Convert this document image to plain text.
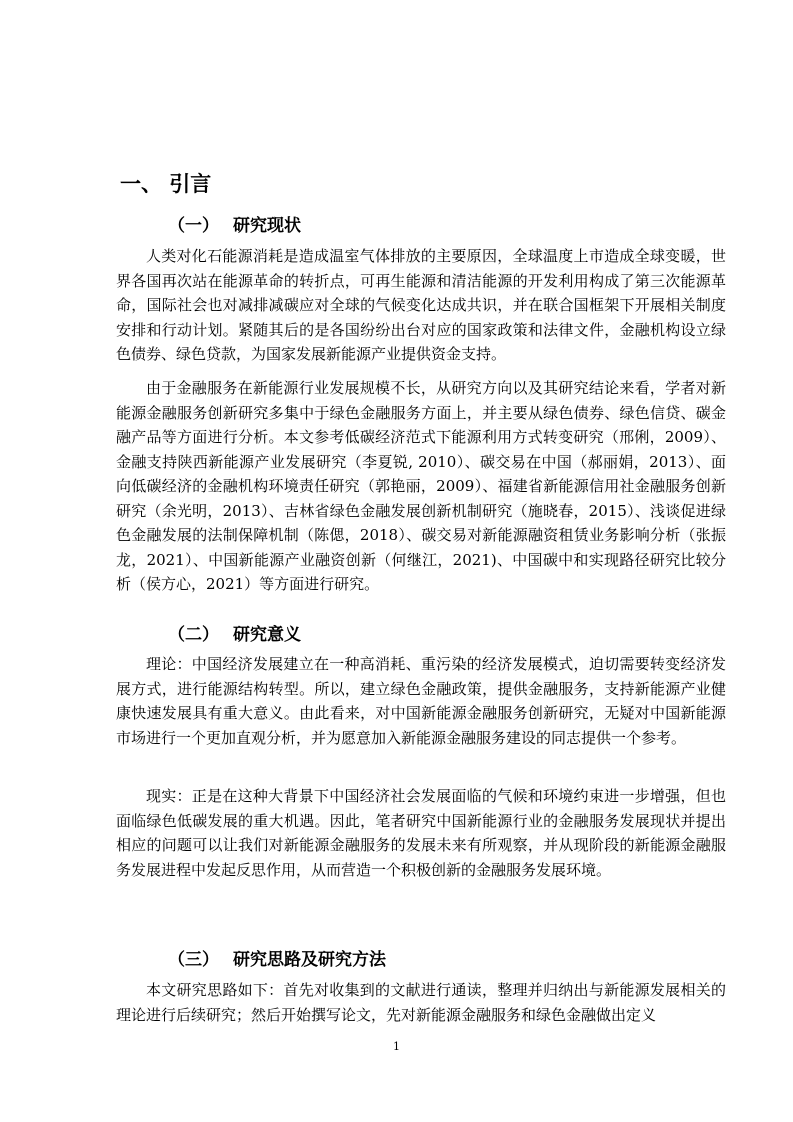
一、 引言
（一） 研究现状

人类对化石能源消耗是造成温室气体排放的主要原因，全球温度上市造成全球变暖，世界各国再次站在能源革命的转折点，可再生能源和清洁能源的开发利用构成了第三次能源革命，国际社会也对减排减碳应对全球的气候变化达成共识，并在联合国框架下开展相关制度安排和行动计划。紧随其后的是各国纷纷出台对应的国家政策和法律文件，金融机构设立绿色债券、绿色贷款，为国家发展新能源产业提供资金支持。

由于金融服务在新能源行业发展规模不长，从研究方向以及其研究结论来看，学者对新能源金融服务创新研究多集中于绿色金融服务方面上，并主要从绿色债券、绿色信贷、碳金融产品等方面进行分析。本文参考低碳经济范式下能源利用方式转变研究（邢俐，2009）、金融支持陕西新能源产业发展研究（李夏锐, 2010）、碳交易在中国（郝丽娟，2013）、面向低碳经济的金融机构环境责任研究（郭艳丽，2009）、福建省新能源信用社金融服务创新研究（余光明，2013）、吉林省绿色金融发展创新机制研究（施晓春，2015）、浅谈促进绿色金融发展的法制保障机制（陈偲，2018）、碳交易对新能源融资租赁业务影响分析（张振龙，2021）、中国新能源产业融资创新（何继江，2021)、中国碳中和实现路径研究比较分析（侯方心，2021）等方面进行研究。

（二） 研究意义

理论：中国经济发展建立在一种高消耗、重污染的经济发展模式，迫切需要转变经济发展方式，进行能源结构转型。所以，建立绿色金融政策，提供金融服务，支持新能源产业健康快速发展具有重大意义。由此看来，对中国新能源金融服务创新研究，无疑对中国新能源市场进行一个更加直观分析，并为愿意加入新能源金融服务建设的同志提供一个参考。

现实：正是在这种大背景下中国经济社会发展面临的气候和环境约束进一步增强，但也面临绿色低碳发展的重大机遇。因此，笔者研究中国新能源行业的金融服务发展现状并提出相应的问题可以让我们对新能源金融服务的发展未来有所观察，并从现阶段的新能源金融服务发展进程中发起反思作用，从而营造一个积极创新的金融服务发展环境。

（三） 研究思路及研究方法

本文研究思路如下：首先对收集到的文献进行通读，整理并归纳出与新能源发展相关的理论进行后续研究；然后开始撰写论文，先对新能源金融服务和绿色金融做出定义

1
